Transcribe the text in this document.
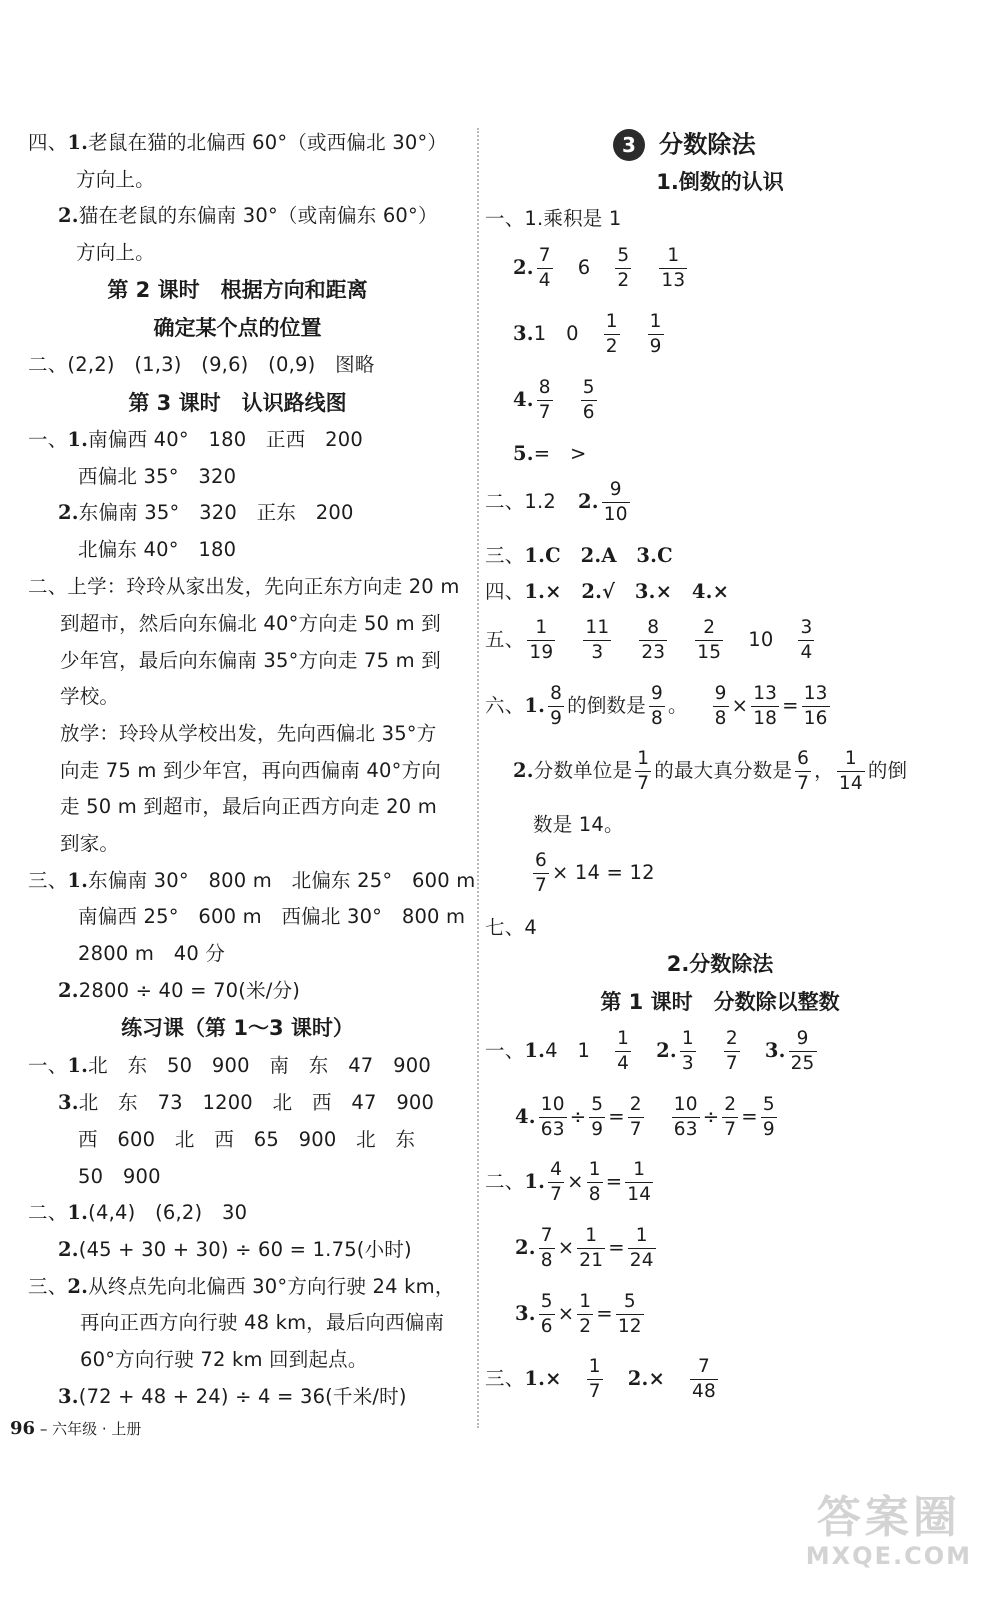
四、1.老鼠在猫的北偏西 60°（或西偏北 30°）
方向上。
2.猫在老鼠的东偏南 30°（或南偏东 60°）
方向上。
第 2 课时　根据方向和距离
确定某个点的位置
二、(2,2)　(1,3)　(9,6)　(0,9)　图略
第 3 课时　认识路线图
一、1.南偏西 40°　180　正西　200
西偏北 35°　320
2.东偏南 35°　320　正东　200
北偏东 40°　180
二、上学：玲玲从家出发，先向正东方向走 20 m
到超市，然后向东偏北 40°方向走 50 m 到
少年宫，最后向东偏南 35°方向走 75 m 到
学校。
放学：玲玲从学校出发，先向西偏北 35°方
向走 75 m 到少年宫，再向西偏南 40°方向
走 50 m 到超市，最后向正西方向走 20 m
到家。
三、1.东偏南 30°　800 m　北偏东 25°　600 m
南偏西 25°　600 m　西偏北 30°　800 m
2800 m　40 分
2.2800 ÷ 40 = 70(米/分)
练习课（第 1～3 课时）
一、1.北　东　50　900　南　东　47　900
3.北　东　73　1200　北　西　47　900
西　600　北　西　65　900　北　东
50　900
二、1.(4,4)　(6,2)　30
2.(45 + 30 + 30) ÷ 60 = 1.75(小时)
三、2.从终点先向北偏西 30°方向行驶 24 km，
再向正西方向行驶 48 km，最后向西偏南
60°方向行驶 72 km 回到起点。
3.(72 + 48 + 24) ÷ 4 = 36(千米/时)
3 分数除法
1.倒数的认识
一、1.乘积是 1
2. $\frac{7}{4} 6 \frac{5}{2} \frac{1}{13}$
3.1　$0 \frac{1}{2} \frac{1}{9}$
4. $\frac{8}{7} \frac{5}{6}$
5.=　>
二、1.2 2. $\frac{9}{10}$
三、1.C　2.A　3.C
四、1.×　2.√　3.×　4.×
五、 $\frac{1}{19} \frac{11}{3} \frac{8}{23} \frac{2}{15} 10 \frac{3}{4}$
六、1. $\frac{8}{9}$ 的倒数是 $\frac{9}{8}$ 。 $\frac{9}{8} \times \frac{13}{18} = \frac{13}{16}$
2.分数单位是 $\frac{1}{7}$ 的最大真分数是 $\frac{6}{7}$ ， $\frac{1}{14}$ 的倒
数是 14。
$\frac{6}{7} \times 14 = 12$
七、4
2.分数除法
第 1 课时　分数除以整数
一、1.4　$1 \frac{1}{4} 2$. $\frac{1}{3} \frac{2}{7} 3$. $\frac{9}{25}$
4. $\frac{10}{63} \div \frac{5}{9} = \frac{2}{7} \frac{10}{63} \div \frac{2}{7} = \frac{5}{9}$
二、1. $\frac{4}{7} \times \frac{1}{8} = \frac{1}{14}$
2. $\frac{7}{8} \times \frac{1}{21} = \frac{1}{24}$
3. $\frac{5}{6} \times \frac{1}{2} = \frac{5}{12}$
三、$1.\times \frac{1}{7} 2.\times \frac{7}{48}$
96 – 六年级 · 上册
答案圈
MXQE.COM
